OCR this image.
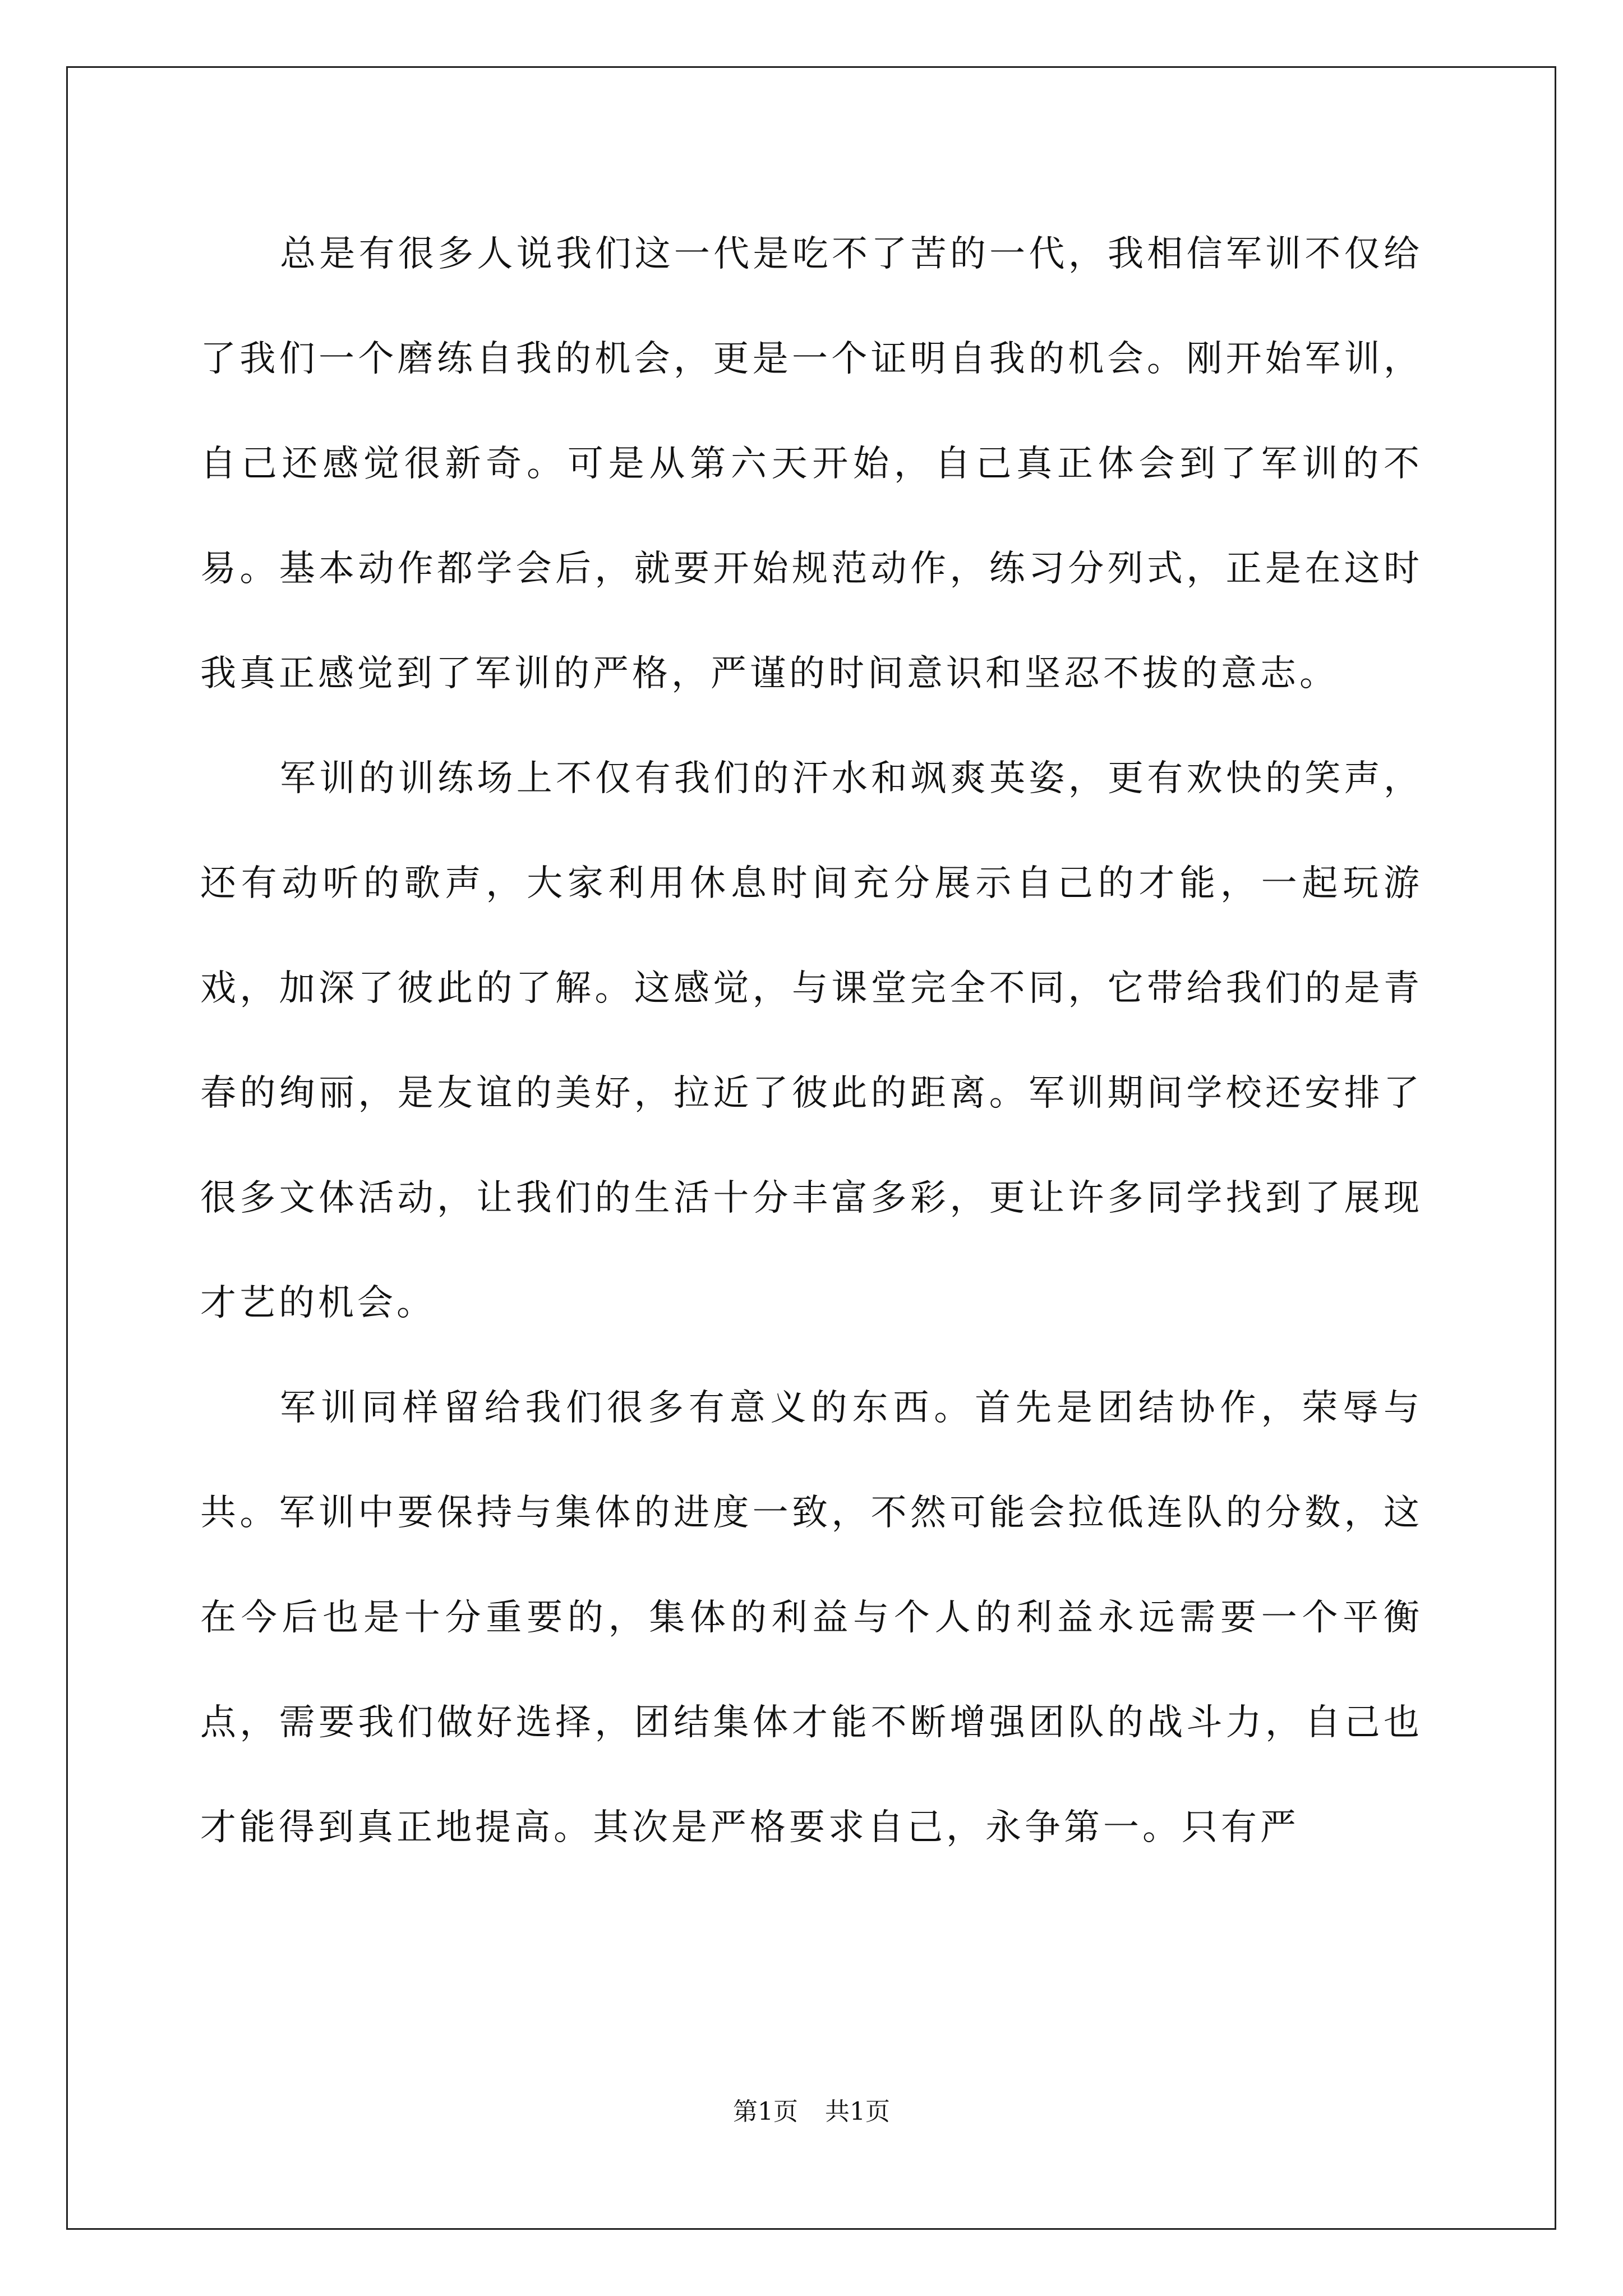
总是有很多人说我们这一代是吃不了苦的一代，我相信军训不仅给了我们一个磨练自我的机会，更是一个证明自我的机会。刚开始军训，自己还感觉很新奇。可是从第六天开始，自己真正体会到了军训的不易。基本动作都学会后，就要开始规范动作，练习分列式，正是在这时我真正感觉到了军训的严格，严谨的时间意识和坚忍不拔的意志。

军训的训练场上不仅有我们的汗水和飒爽英姿，更有欢快的笑声，还有动听的歌声，大家利用休息时间充分展示自己的才能，一起玩游戏，加深了彼此的了解。这感觉，与课堂完全不同，它带给我们的是青春的绚丽，是友谊的美好，拉近了彼此的距离。军训期间学校还安排了很多文体活动，让我们的生活十分丰富多彩，更让许多同学找到了展现才艺的机会。

军训同样留给我们很多有意义的东西。首先是团结协作，荣辱与共。军训中要保持与集体的进度一致，不然可能会拉低连队的分数，这在今后也是十分重要的，集体的利益与个人的利益永远需要一个平衡点，需要我们做好选择，团结集体才能不断增强团队的战斗力，自己也才能得到真正地提高。其次是严格要求自己，永争第一。只有严

第1页 共1页
